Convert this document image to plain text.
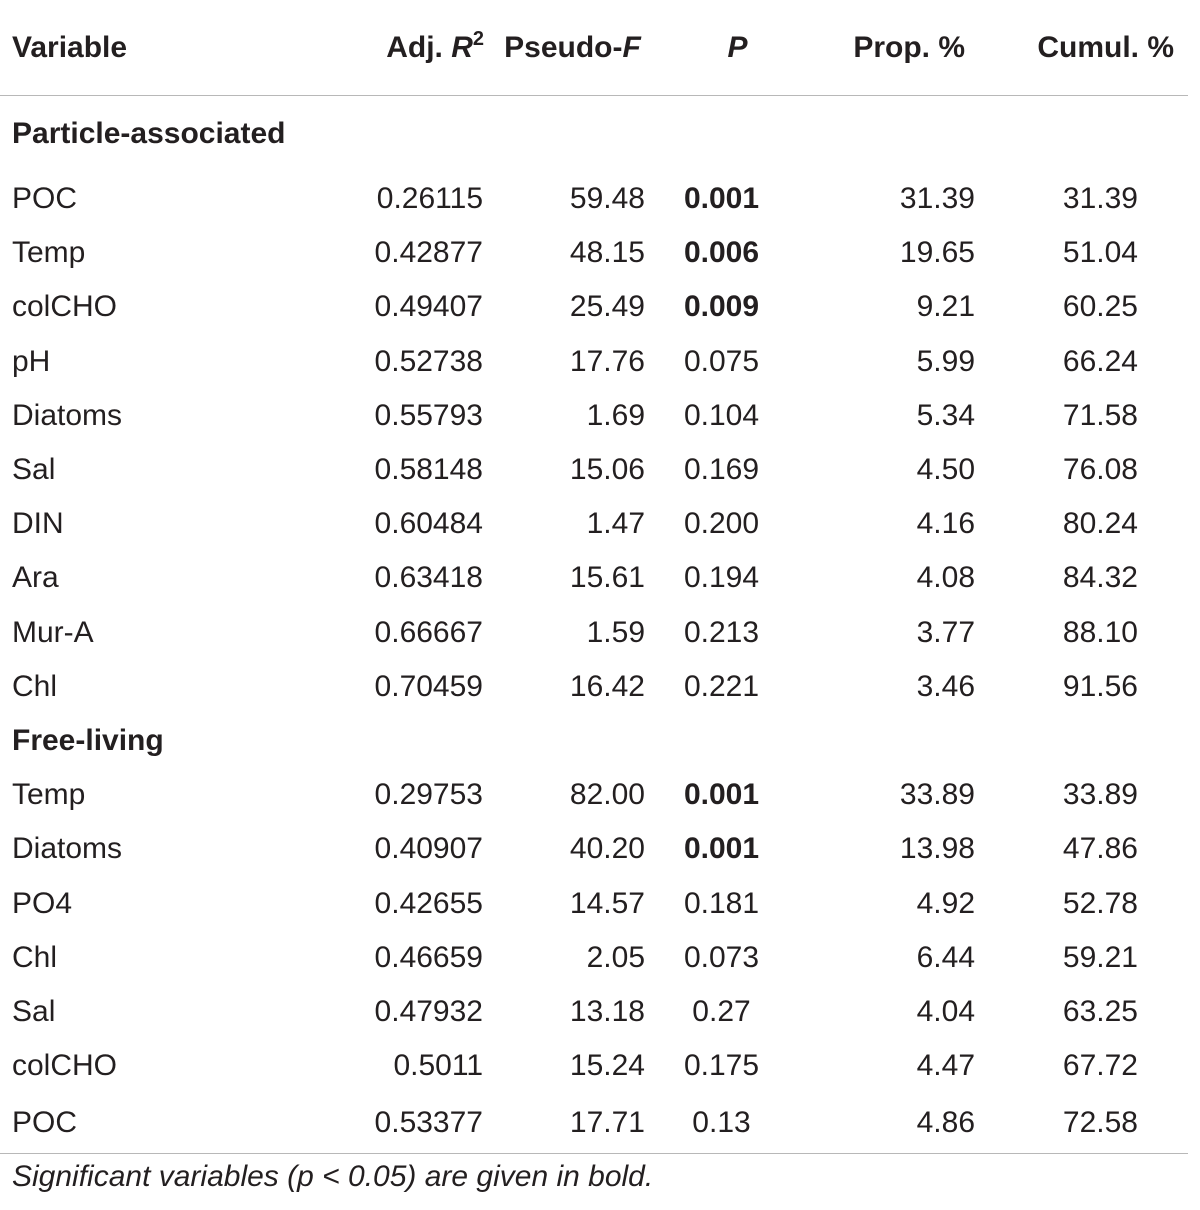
Variable	Adj. $R^2$	Pseudo-F	P	Prop. %	Cumul. %
Particle-associated					
POC	0.26115	59.48	0.001	31.39	31.39
Temp	0.42877	48.15	0.006	19.65	51.04
colCHO	0.49407	25.49	0.009	9.21	60.25
pH	0.52738	17.76	0.075	5.99	66.24
Diatoms	0.55793	1.69	0.104	5.34	71.58
Sal	0.58148	15.06	0.169	4.50	76.08
DIN	0.60484	1.47	0.200	4.16	80.24
Ara	0.63418	15.61	0.194	4.08	84.32
Mur-A	0.66667	1.59	0.213	3.77	88.10
Chl	0.70459	16.42	0.221	3.46	91.56
Free-living					
Temp	0.29753	82.00	0.001	33.89	33.89
Diatoms	0.40907	40.20	0.001	13.98	47.86
PO4	0.42655	14.57	0.181	4.92	52.78
Chl	0.46659	2.05	0.073	6.44	59.21
Sal	0.47932	13.18	0.27	4.04	63.25
colCHO	0.5011	15.24	0.175	4.47	67.72
POC	0.53377	17.71	0.13	4.86	72.58
Significant variables (p < 0.05) are given in bold.
